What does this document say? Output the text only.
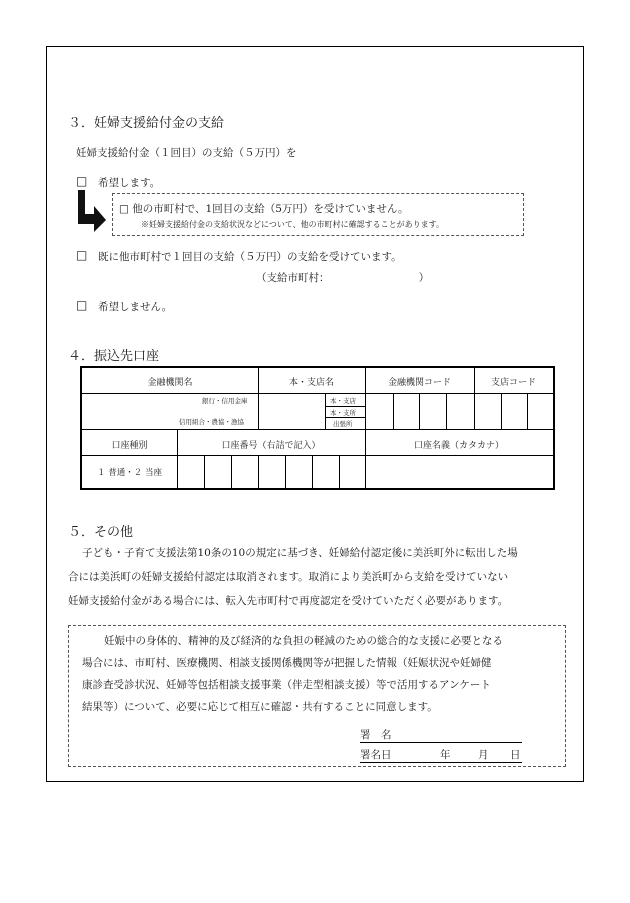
３．妊婦支援給付金の支給
妊婦支援給付金（１回目）の支給（５万円）を
□ 希望します。
□ 他の市町村で、1回目の支給（5万円）を受けていません。
※妊婦支援給付金の支給状況などについて、他の市町村に確認することがあります。
□ 既に他市町村で１回目の支給（５万円）の支給を受けています。
（支給市町村：　　　　　　　　　）
□ 希望しません。
４．振込先口座
金融機関名	本・支店名	金融機関コード	支店コード
銀行・信用金庫
信用組合・農協・漁協
本・支店
本・支所
出張所
口座種別	口座番号（右詰で記入）	口座名義（カタカナ）
１ 普通・２ 当座
５．その他
子ども・子育て支援法第10条の10の規定に基づき、妊婦給付認定後に美浜町外に転出した場
合には美浜町の妊婦支援給付認定は取消されます。取消により美浜町から支給を受けていない
妊婦支援給付金がある場合には、転入先市町村で再度認定を受けていただく必要があります。
妊娠中の身体的、精神的及び経済的な負担の軽減のための総合的な支援に必要となる
場合には、市町村、医療機関、相談支援関係機関等が把握した情報（妊娠状況や妊婦健
康診査受診状況、妊婦等包括相談支援事業（伴走型相談支援）等で活用するアンケート
結果等）について、必要に応じて相互に確認・共有することに同意します。
署　名
署名日	年	月 日
